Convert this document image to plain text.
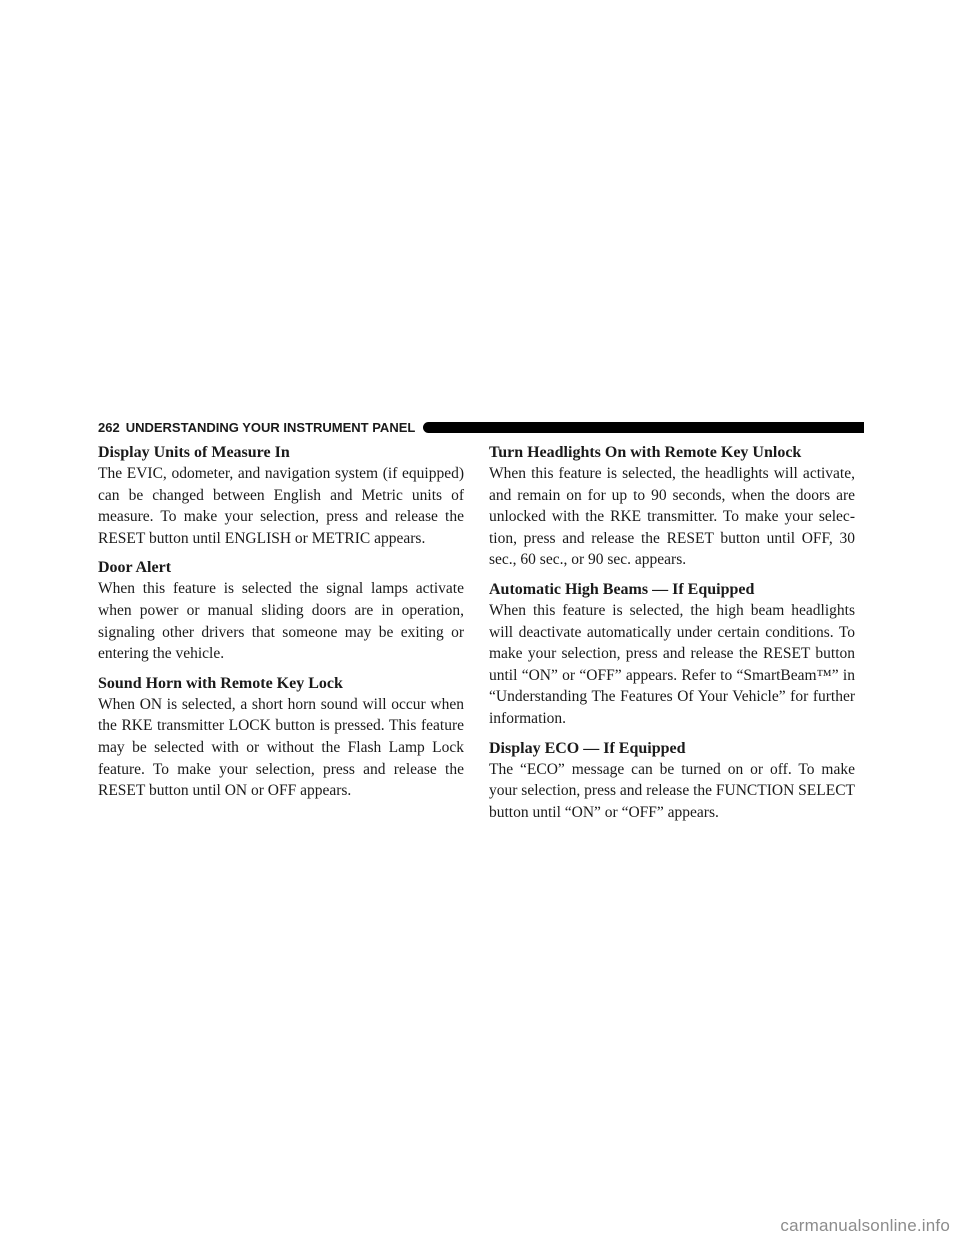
262 UNDERSTANDING YOUR INSTRUMENT PANEL
Display Units of Measure In

The EVIC, odometer, and navigation system (if equipped) can be changed between English and Metric units of measure. To make your selection, press and release the RESET button until ENGLISH or METRIC appears.

Door Alert

When this feature is selected the signal lamps activate when power or manual sliding doors are in operation, signaling other drivers that someone may be exiting or entering the vehicle.

Sound Horn with Remote Key Lock

When ON is selected, a short horn sound will occur when the RKE transmitter LOCK button is pressed. This feature may be selected with or without the Flash Lamp Lock feature. To make your selection, press and release the RESET button until ON or OFF appears.

Turn Headlights On with Remote Key Unlock

When this feature is selected, the headlights will activate, and remain on for up to 90 seconds, when the doors are unlocked with the RKE transmitter. To make your selection, press and release the RESET button until OFF, 30 sec., 60 sec., or 90 sec. appears.

Automatic High Beams — If Equipped

When this feature is selected, the high beam headlights will deactivate automatically under certain conditions. To make your selection, press and release the RESET button until “ON” or “OFF” appears. Refer to “SmartBeam™” in “Understanding The Features Of Your Vehicle” for further information.

Display ECO — If Equipped

The “ECO” message can be turned on or off. To make your selection, press and release the FUNCTION SELECT button until “ON” or “OFF” appears.

carmanualsonline.info
